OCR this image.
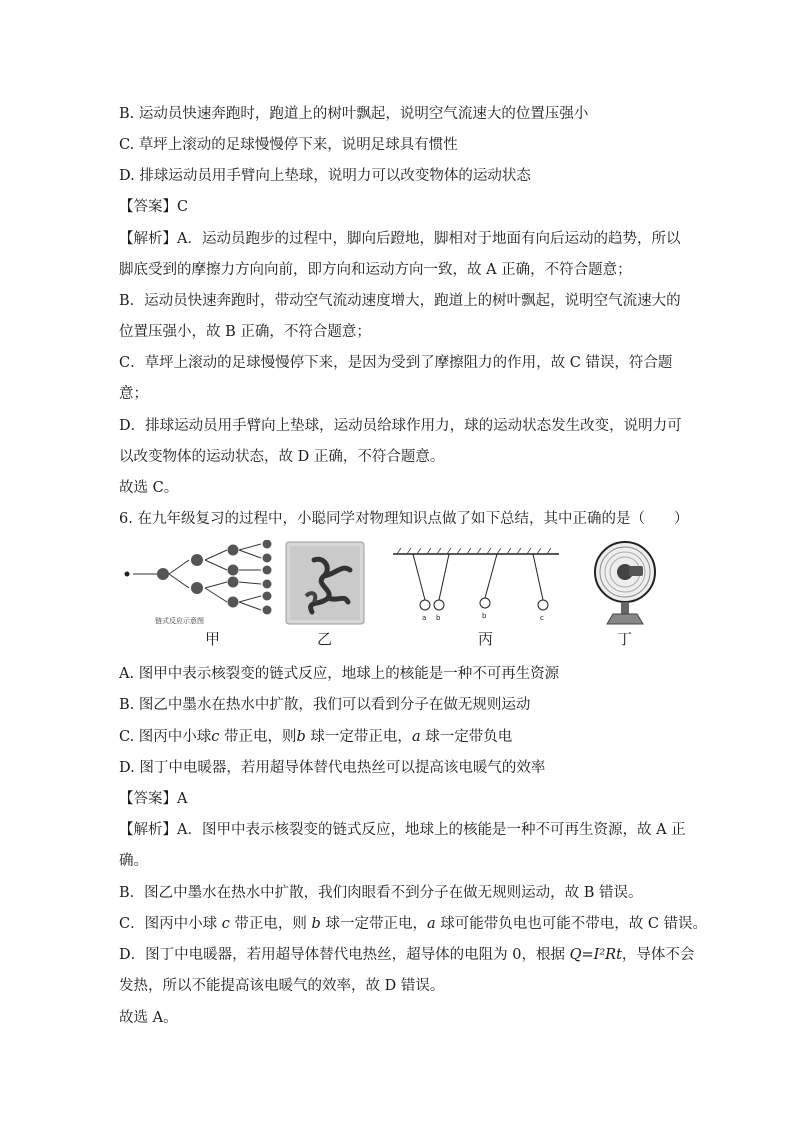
B. 运动员快速奔跑时，跑道上的树叶飘起，说明空气流速大的位置压强小
C. 草坪上滚动的足球慢慢停下来，说明足球具有惯性
D. 排球运动员用手臂向上垫球，说明力可以改变物体的运动状态
【答案】C
【解析】A．运动员跑步的过程中，脚向后蹬地，脚相对于地面有向后运动的趋势，所以
脚底受到的摩擦力方向向前，即方向和运动方向一致，故 A 正确，不符合题意；
B．运动员快速奔跑时，带动空气流动速度增大，跑道上的树叶飘起，说明空气流速大的
位置压强小，故 B 正确，不符合题意；
C．草坪上滚动的足球慢慢停下来，是因为受到了摩擦阻力的作用，故 C 错误，符合题
意；
D．排球运动员用手臂向上垫球，运动员给球作用力，球的运动状态发生改变，说明力可
以改变物体的运动状态，故 D 正确，不符合题意。
故选 C。
6. 在九年级复习的过程中，小聪同学对物理知识点做了如下总结，其中正确的是（　　）
链式反应示意图	a b	b	c
甲	乙	丙	丁
A. 图甲中表示核裂变的链式反应，地球上的核能是一种不可再生资源
B. 图乙中墨水在热水中扩散，我们可以看到分子在做无规则运动
C. 图丙中小球c 带正电，则b 球一定带正电，a 球一定带负电
D. 图丁中电暖器，若用超导体替代电热丝可以提高该电暖气的效率
【答案】A
【解析】A．图甲中表示核裂变的链式反应，地球上的核能是一种不可再生资源，故 A 正
确。
B．图乙中墨水在热水中扩散，我们肉眼看不到分子在做无规则运动，故 B 错误。
C．图丙中小球 c 带正电，则 b 球一定带正电，a 球可能带负电也可能不带电，故 C 错误。
D．图丁中电暖器，若用超导体替代电热丝，超导体的电阻为 0，根据 Q=I²Rt，导体不会
发热，所以不能提高该电暖气的效率，故 D 错误。
故选 A。
